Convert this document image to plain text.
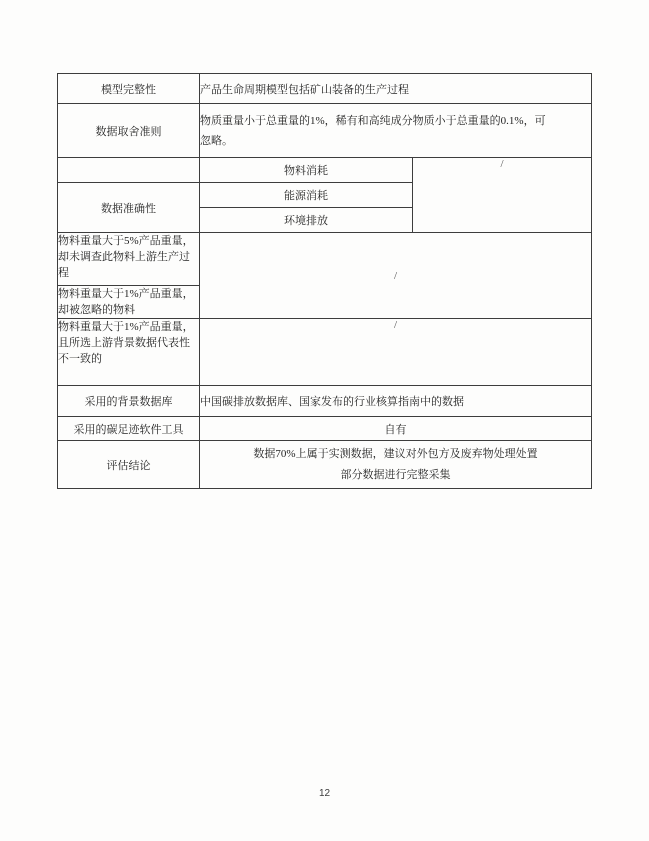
模型完整性	产品生命周期模型包括矿山装备的生产过程	
数据取舍准则	物质重量小于总重量的1%，稀有和高纯成分物质小于总重量的0.1%，可忽略。	

	物料消耗	/
数据准确性	能源消耗	
	环境排放	
物料重量大于5%产品重量，却未调查此物料上游生产过程	/	
物料重量大于1%产品重量，却被忽略的物料		
物料重量大于1%产品重量，且所选上游背景数据代表性不一致的	/	
采用的背景数据库	中国碳排放数据库、国家发布的行业核算指南中的数据	
采用的碳足迹软件工具	自有	
评估结论	数据70%上属于实测数据，建议对外包方及废弃物处理处置
部分数据进行完整采集	
12
